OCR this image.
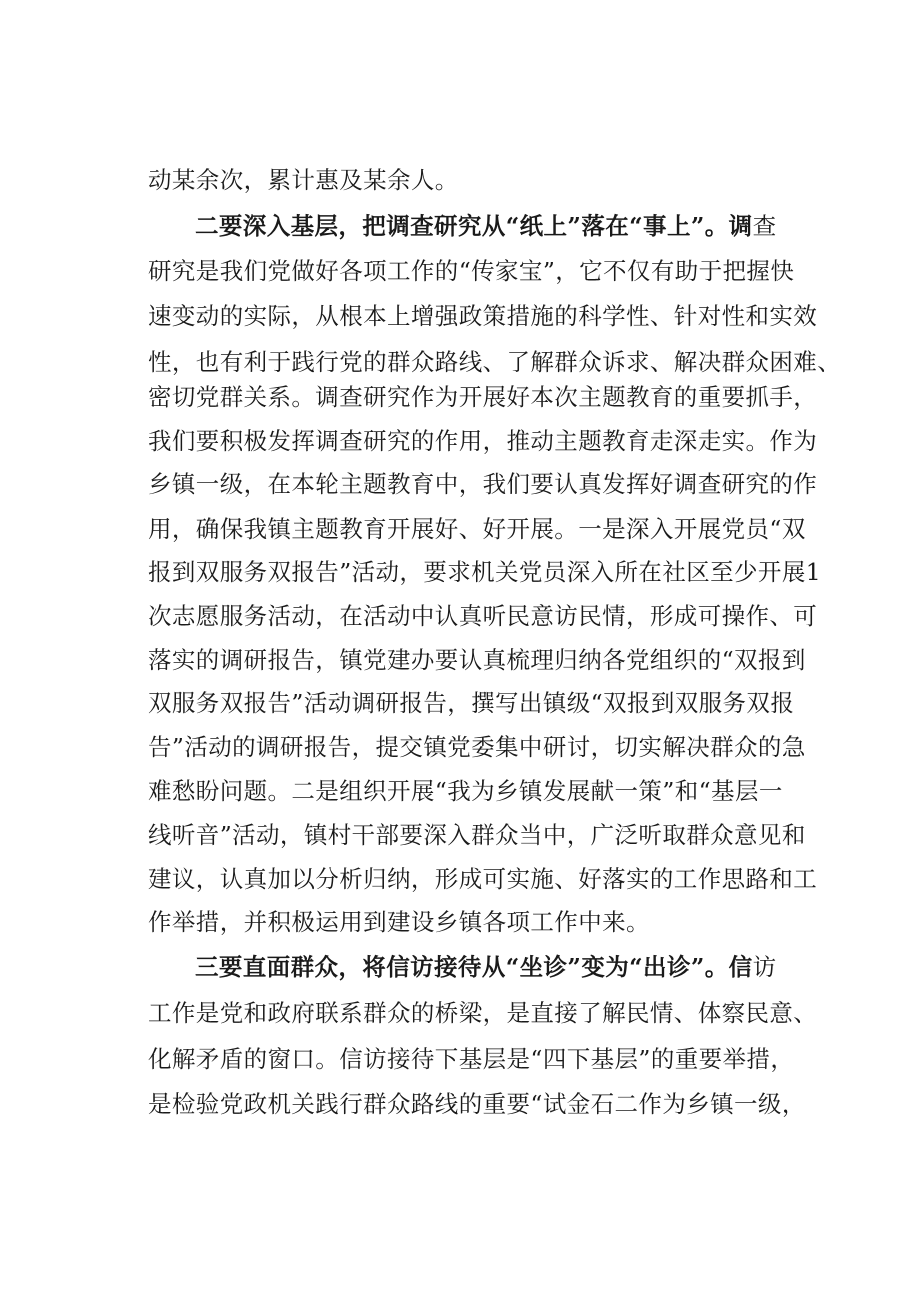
动某余次，累计惠及某余人。
二要深入基层，把调查研究从“纸上”落在“事上”。调查
研究是我们党做好各项工作的“传家宝”，它不仅有助于把握快
速变动的实际，从根本上增强政策措施的科学性、针对性和实效
性，也有利于践行党的群众路线、了解群众诉求、解决群众困难、
密切党群关系。调查研究作为开展好本次主题教育的重要抓手，
我们要积极发挥调查研究的作用，推动主题教育走深走实。作为
乡镇一级，在本轮主题教育中，我们要认真发挥好调查研究的作
用，确保我镇主题教育开展好、好开展。一是深入开展党员“双
报到双服务双报告”活动，要求机关党员深入所在社区至少开展1
次志愿服务活动，在活动中认真听民意访民情，形成可操作、可
落实的调研报告，镇党建办要认真梳理归纳各党组织的“双报到
双服务双报告”活动调研报告，撰写出镇级“双报到双服务双报
告”活动的调研报告，提交镇党委集中研讨，切实解决群众的急
难愁盼问题。二是组织开展“我为乡镇发展献一策”和“基层一
线听音”活动，镇村干部要深入群众当中，广泛听取群众意见和
建议，认真加以分析归纳，形成可实施、好落实的工作思路和工
作举措，并积极运用到建设乡镇各项工作中来。
三要直面群众，将信访接待从“坐诊”变为“出诊”。信访
工作是党和政府联系群众的桥梁，是直接了解民情、体察民意、
化解矛盾的窗口。信访接待下基层是“四下基层”的重要举措，
是检验党政机关践行群众路线的重要“试金石二作为乡镇一级，
